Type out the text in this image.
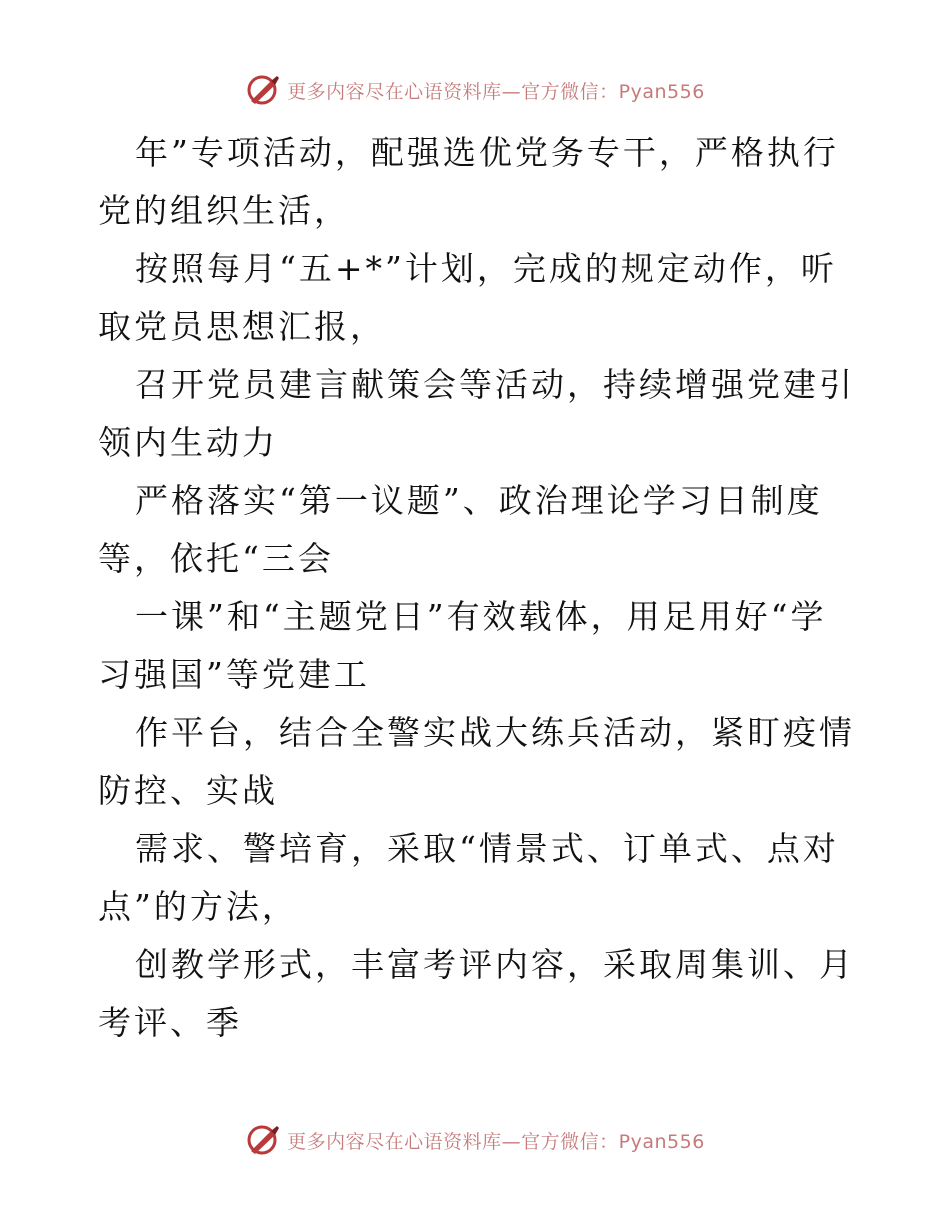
更多内容尽在心语资料库—官方微信：Pyan556

年”专项活动，配强选优党务专干，严格执行党的组织生活，

按照每月“五+*”计划，完成的规定动作，听取党员思想汇报，

召开党员建言献策会等活动，持续增强党建引领内生动力

严格落实“第一议题”、政治理论学习日制度等，依托“三会

一课”和“主题党日”有效载体，用足用好“学习强国”等党建工

作平台，结合全警实战大练兵活动，紧盯疫情防控、实战

需求、警培育，采取“情景式、订单式、点对点”的方法，

创教学形式，丰富考评内容，采取周集训、月考评、季

更多内容尽在心语资料库—官方微信：Pyan556
